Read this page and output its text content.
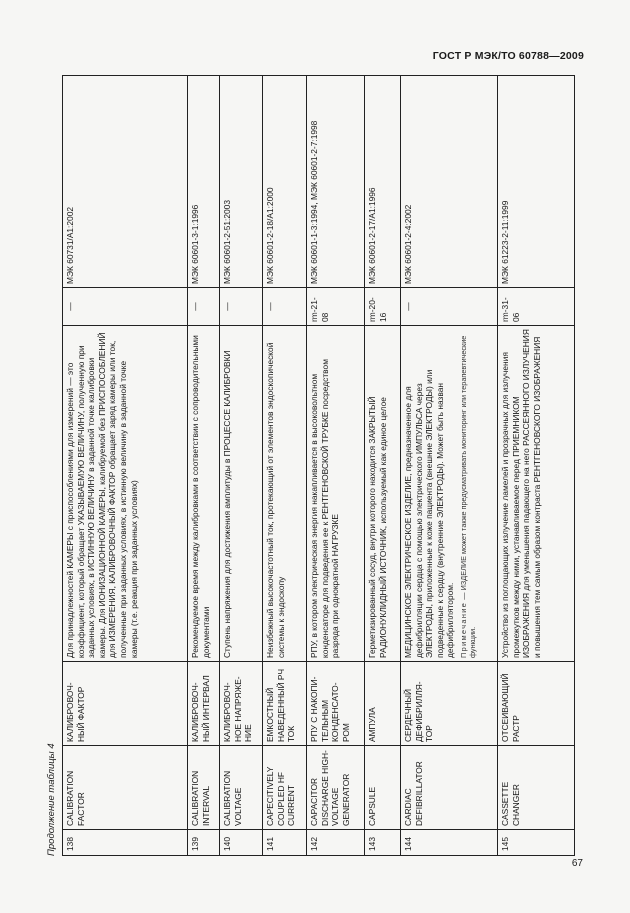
ГОСТ Р МЭК/ТО 60788—2009
Продолжение таблицы 4 138	CALIBRATION FACTOR	КАЛИБРОВОЧ-НЫЙ ФАКТОР	Для принадлежностей КАМЕРЫ с приспособлениями для измерений — это коэффициент, который обращает УКАЗЫВАЕМУЮ ВЕЛИЧИНУ, полученную при заданных условиях, в ИСТИННУЮ ВЕЛИЧИНУ в заданной точке калибровки камеры. Для ИОНИЗАЦИОННОЙ КАМЕРЫ, калибруемой без ПРИСПОСОБЛЕНИЙ для ИЗМЕРЕНИЯ, КАЛИБРОВОЧНЫЙ ФАКТОР обращает заряд камеры или ток, полученные при заданных условиях, в истинную величину в заданной точке камеры (т.е. реакция при заданных условиях)	—	МЭК 60731/А1:2002
139	CALIBRATION INTERVAL	КАЛИБРОВОЧ-НЫЙ ИНТЕРВАЛ	Рекомендуемое время между калибровками в соответствии с сопроводительными документами	—	МЭК 60601-3-1:1996
140	CALIBRATION VOLTAGE	КАЛИБРОВОЧ-НОЕ НАПРЯЖЕ-НИЕ	Ступень напряжения для достижения амплитуды в ПРОЦЕССЕ КАЛИБРОВКИ	—	МЭК 60601-2-51:2003
141	CAPECITIVELY COUPLED HF CURRENT	ЕМКОСТНЫЙ НАВЕДЕННЫЙ РЧ ТОК	Неизбежный высокочастотный ток, протекающий от элементов эндоскопической системы к эндоскопу	—	МЭК 60601-2-18/А1:2000
142	CAPACITOR DISCHARGE HIGH-VOLTAGE GENERATOR	РПУ С НАКОПИ-ТЕЛЬНЫМ КОНДЕНСАТО-РОМ	РПУ, в котором электрическая энергия накапливается в высоковольтном конденсаторе для подведения ее к РЕНТГЕНОВСКОЙ ТРУБКЕ посредством разряда при однократной НАГРУЗКЕ	rm-21-08	МЭК 60601-1-3:1994, МЭК 60601-2-7:1998
143	CAPSULE	АМПУЛА	Герметизированный сосуд, внутри которого находится ЗАКРЫТЫЙ РАДИОНУКЛИДНЫЙ ИСТОЧНИК, используемый как единое целое	rm-20-16	МЭК 60601-2-17/А1:1996
144	CARDIAC DEFIBRILLATOR	СЕРДЕЧНЫЙ ДЕФИБРИЛЛЯ-ТОР	МЕДИЦИНСКОЕ ЭЛЕКТРИЧЕСКОЕ ИЗДЕЛИЕ, предназначенное для дефибрилляции сердца с помощью электрического ИМПУЛЬСА через ЭЛЕКТРОДЫ, приложенные к коже пациента (внешние ЭЛЕКТРОДЫ) или подведенные к сердцу (внутренние ЭЛЕКТРОДЫ). Может быть назван дефибриллятором. Примечание — ИЗДЕЛИЕ может также предусматривать мониторинг или терапевтические функции.	—	МЭК 60601-2-4:2002
145	CASSETTE CHANGER	ОТСЕИВАЮЩИЙ РАСТР	Устройство из поглощающих излучение ламелей и прозрачных для излучения промежутков между ними, устанавливаемое перед ПРИЕМНИКОМ ИЗОБРАЖЕНИЯ для уменьшения падающего на него РАССЕЯННОГО ИЗЛУЧЕНИЯ и повышения тем самым образом контраста РЕНТГЕНОВСКОГО ИЗОБРАЖЕНИЯ	rm-31-06	МЭК 61223-2-11:1999
67
